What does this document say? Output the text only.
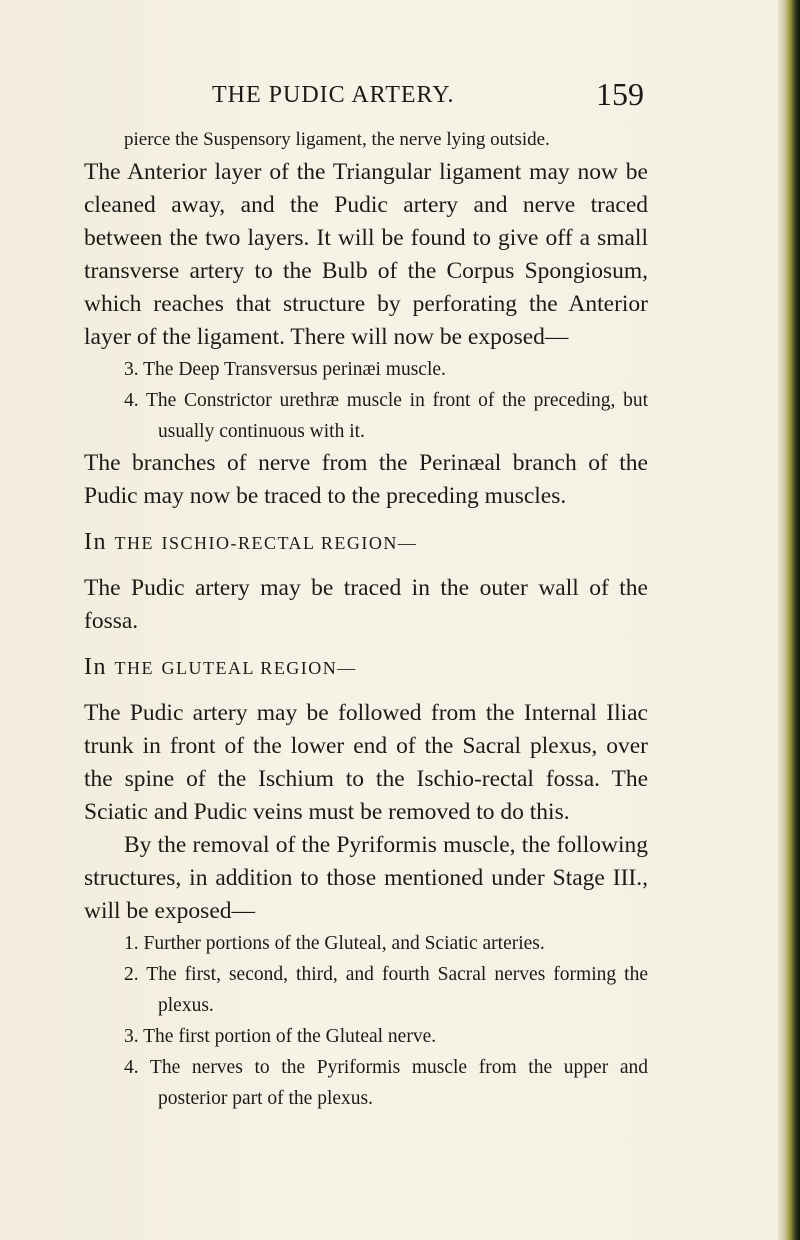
THE PUDIC ARTERY.	159

pierce the Suspensory ligament, the nerve lying outside.

The Anterior layer of the Triangular ligament may now be cleaned away, and the Pudic artery and nerve traced between the two layers. It will be found to give off a small transverse artery to the Bulb of the Corpus Spongiosum, which reaches that structure by perforating the Anterior layer of the ligament. There will now be exposed—

3. The Deep Transversus perinæi muscle.

4. The Constrictor urethræ muscle in front of the preceding, but usually continuous with it.

The branches of nerve from the Perinæal branch of the Pudic may now be traced to the preceding muscles.

In THE ISCHIO-RECTAL REGION—

The Pudic artery may be traced in the outer wall of the fossa.

In THE GLUTEAL REGION—

The Pudic artery may be followed from the Internal Iliac trunk in front of the lower end of the Sacral plexus, over the spine of the Ischium to the Ischio-rectal fossa. The Sciatic and Pudic veins must be removed to do this.

By the removal of the Pyriformis muscle, the following structures, in addition to those mentioned under Stage III., will be exposed—

1. Further portions of the Gluteal, and Sciatic arteries.

2. The first, second, third, and fourth Sacral nerves forming the plexus.

3. The first portion of the Gluteal nerve.

4. The nerves to the Pyriformis muscle from the upper and posterior part of the plexus.
